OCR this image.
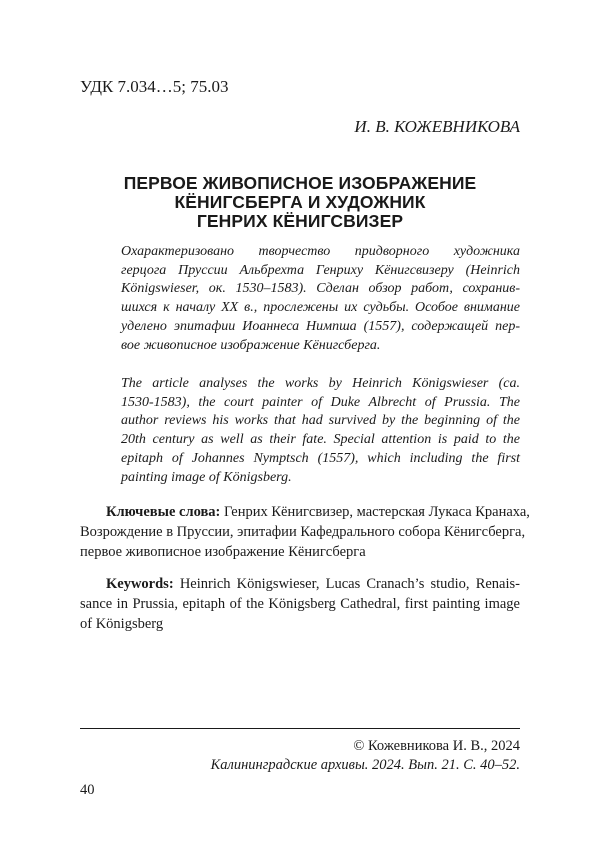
УДК 7.034…5; 75.03
И. В. КОЖЕВНИКОВА
ПЕРВОЕ ЖИВОПИСНОЕ ИЗОБРАЖЕНИЕ
КЁНИГСБЕРГА И ХУДОЖНИК
ГЕНРИХ КЁНИГСВИЗЕР
Охарактеризовано творчество придворного художника
герцога Пруссии Альбрехта Генриху Кёнигсвизеру (Heinrich
Königswieser, ок. 1530–1583). Сделан обзор работ, сохранив-
шихся к началу XX в., прослежены их судьбы. Особое внимание
уделено эпитафии Иоаннеса Нимпша (1557), содержащей пер-
вое живописное изображение Кёнигсберга.
The article analyses the works by Heinrich Königswieser (ca.
1530-1583), the court painter of Duke Albrecht of Prussia. The
author reviews his works that had survived by the beginning of the
20th century as well as their fate. Special attention is paid to the
epitaph of Johannes Nymptsch (1557), which including the first
painting image of Königsberg.
Ключевые слова: Генрих Кёнигсвизер, мастерская Лукаса Кранаха,
Возрождение в Пруссии, эпитафии Кафедрального собора Кёнигсберга,
первое живописное изображение Кёнигсберга
Keywords: Heinrich Königswieser, Lucas Cranach’s studio, Renais-
sance in Prussia, epitaph of the Königsberg Cathedral, first painting image
of Königsberg
© Кожевникова И. В., 2024
Калининградские архивы. 2024. Вып. 21. С. 40–52.
40
